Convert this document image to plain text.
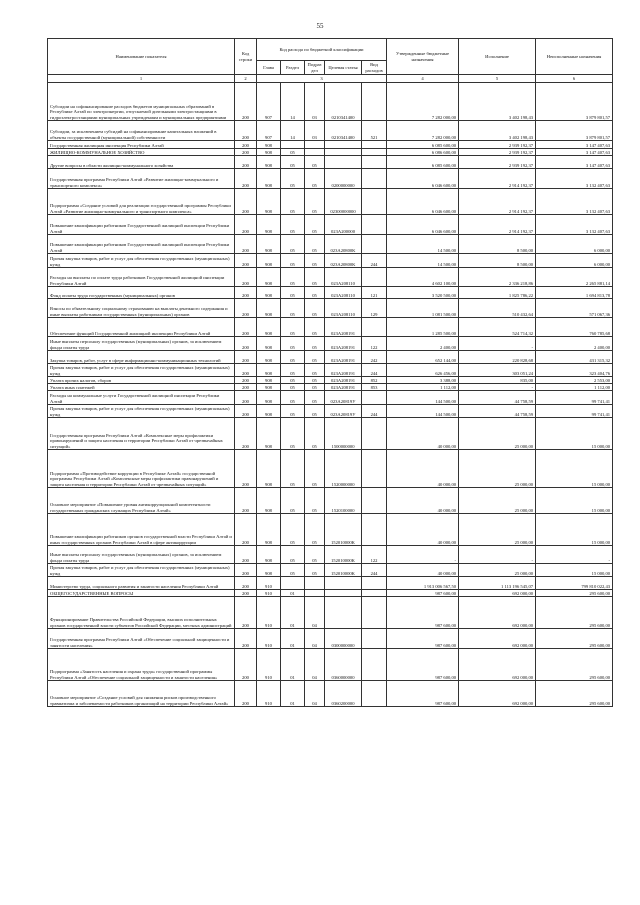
55
Наименование показателя	Код строки	Код расхода по бюджетной классификации					Утвержденные бюджетные назначения	Исполнение	Неисполненные назначения
		Глава	Раздел	Подраз дел	Целевая статья	Вид расходов			
1	2	3					4	5	6
Субсидии на софинансирование расходов бюджетов муниципальных образований в Республике Алтай по электроэнергии, отпускаемой дизельными электростанциями в гидроэлектростанциями муниципальных учреждениям и муниципальных предприятиями	200	907	14	03	0210341400		7 282 000,00	3 402 198,43	3 879 801,57
Субсидии, за исключением субсидий на софинансирование капитальных вложений в объекты государственной (муниципальной) собственности	200	907	14	03	0210341400	521	7 282 000,00	3 402 198,43	3 879 801,57
Государственная жилищная инспекция Республики Алтай	200	908					6 085 600,00	2 939 192,37	3 147 407,63
ЖИЛИЩНО-КОММУНАЛЬНОЕ ХОЗЯЙСТВО	200	908	05				6 086 600,00	2 939 192,37	3 147 407,63
Другие вопросы в области жилищно-коммунального хозяйства	200	908	05	05			6 085 600,00	2 939 192,37	3 147 407,63
Государственная программа Республики Алтай «Развитие жилищно-коммунального и транспортного комплекса»	200	908	05	05	0200000000		6 046 600,00	2 914 192,37	3 132 407,63
Подпрограмма «Создание условий для реализации государственной программы Республики Алтай «Развитие жилищно-коммунального и транспортного комплекса»	200	908	05	05	02300000000		6 046 600,00	2 914 192,37	3 132 407,63
Повышение квалификации работников Государственной жилищной инспекции Республики Алтай	200	908	05	05	023A200000		6 046 600,00	2 914 192,37	3 132 407,63
Повышение квалификации работников Государственной жилищной инспекции Республики Алтай	200	908	05	05	023A20800K		14 500,00	8 500,00	6 000,00
Прочая закупка товаров, работ и услуг для обеспечения государственных (муниципальных) нужд	200	908	05	05	023A20800K	244	14 500,00	8 500,00	6 000,00
Расходы на выплаты по оплате труда работников Государственной жилищной инспекции Республики Алтай	200	908	05	05	023A208110		4 602 100,00	2 336 218,86	2 265 881,14
Фонд оплаты труда государственных (муниципальных) органов	200	908	05	05	023A208110	121	3 520 500,00	1 825 786,22	1 694 813,78
Взносы по обязательному социальному страхованию на выплаты денежного содержания и иные выплаты работникам государственных (муниципальных) органов	200	908	05	05	023A208110	129	1 081 500,00	510 432,64	571 067,36
Обеспечение функций Государственной жилищной инспекции Республики Алтай	200	908	05	05	023A208191		1 285 500,00	524 714,32	760 785,68
Иные выплаты персоналу государственных (муниципальных) органов, за исключением фонда оплаты труда	200	908	05	05	023A208191	122	2 400,00	-	2 400,00
Закупка товаров, работ, услуг в сфере информационно-коммуникационных технологий	200	908	05	05	023A208191	242	652 144,00	220 828,68	431 315,32
Прочая закупка товаров, работ и услуг для обеспечения государственных (муниципальных) нужд	200	908	05	05	023A208191	244	626 456,00	303 051,24	323 404,76
Уплата прочих налогов, сборов	200	908	05	05	023A208191	852	3 388,00	835,00	2 553,00
Уплата иных платежей	200	908	05	05	023A208191	853	1 112,00	-	1 112,00
Расходы на коммунальные услуги Государственной жилищной инспекции Республики Алтай	200	908	05	05	023A20819У		144 500,00	44 758,59	99 741,41
Прочая закупка товаров, работ и услуг для обеспечения государственных (муниципальных) нужд	200	908	05	05	023A20819У	244	144 500,00	44 758,59	99 741,41
Государственная программа Республики Алтай «Комплексные меры профилактики правонарушений и защита населения и территории Республики Алтай от чрезвычайных ситуаций»	200	908	05	05	1500000000		40 000,00	25 000,00	15 000,00
Подпрограмма «Противодействие коррупции в Республике Алтай» государственной программы Республики Алтай «Комплексные меры профилактики правонарушений и защита населения и территории Республики Алтай от чрезвычайных ситуаций»	200	908	05	05	1520000000		40 000,00	25 000,00	15 000,00
Основное мероприятие «Повышение уровня антикоррупционной компетентности государственных гражданских служащих Республики Алтай»	200	908	05	05	1520100000		40 000,00	25 000,00	15 000,00
Повышение квалификации работников органов государственной власти Республики Алтай и иных государственных органов Республики Алтай в сфере антикоррупции	200	908	05	05	152010000K		40 000,00	25 000,00	15 000,00
Иные выплаты персоналу государственных (муниципальных) органов, за исключением фонда оплаты труда	200	908	05	05	152010000K	122	-	-	-
Прочая закупка товаров, работ и услуг для обеспечения государственных (муниципальных) нужд	200	908	05	05	152010000K	244	40 000,00	25 000,00	15 000,00
Министерство труда, социального развития и занятости населения Республики Алтай	200	910					1 913 006 567,50	1 113 196 545,07	799 810 022,43
ОБЩЕГОСУДАРСТВЕННЫЕ ВОПРОСЫ	200	910	01				987 600,00	692 000,00	295 600,00
Функционирование Правительства Российской Федерации, высших исполнительных органов государственной власти субъектов Российской Федерации, местных администраций	200	910	01	04			987 600,00	692 000,00	295 600,00
Государственная программа Республики Алтай «Обеспечение социальной защищенности и занятости населения»	200	910	01	04	0300000000		987 600,00	692 000,00	295 600,00
Подпрограмма «Занятость населения и охрана труда» государственной программы Республики Алтай «Обеспечение социальной защищенности и занятости населения»	200	910	01	04	0360000000		987 600,00	692 000,00	295 600,00
Основное мероприятие «Создание условий для снижения рисков производственного травматизма и заболеваемости работников организаций на территории Республики Алтай»	200	910	01	04	0360200000		987 600,00	692 000,00	295 600,00
